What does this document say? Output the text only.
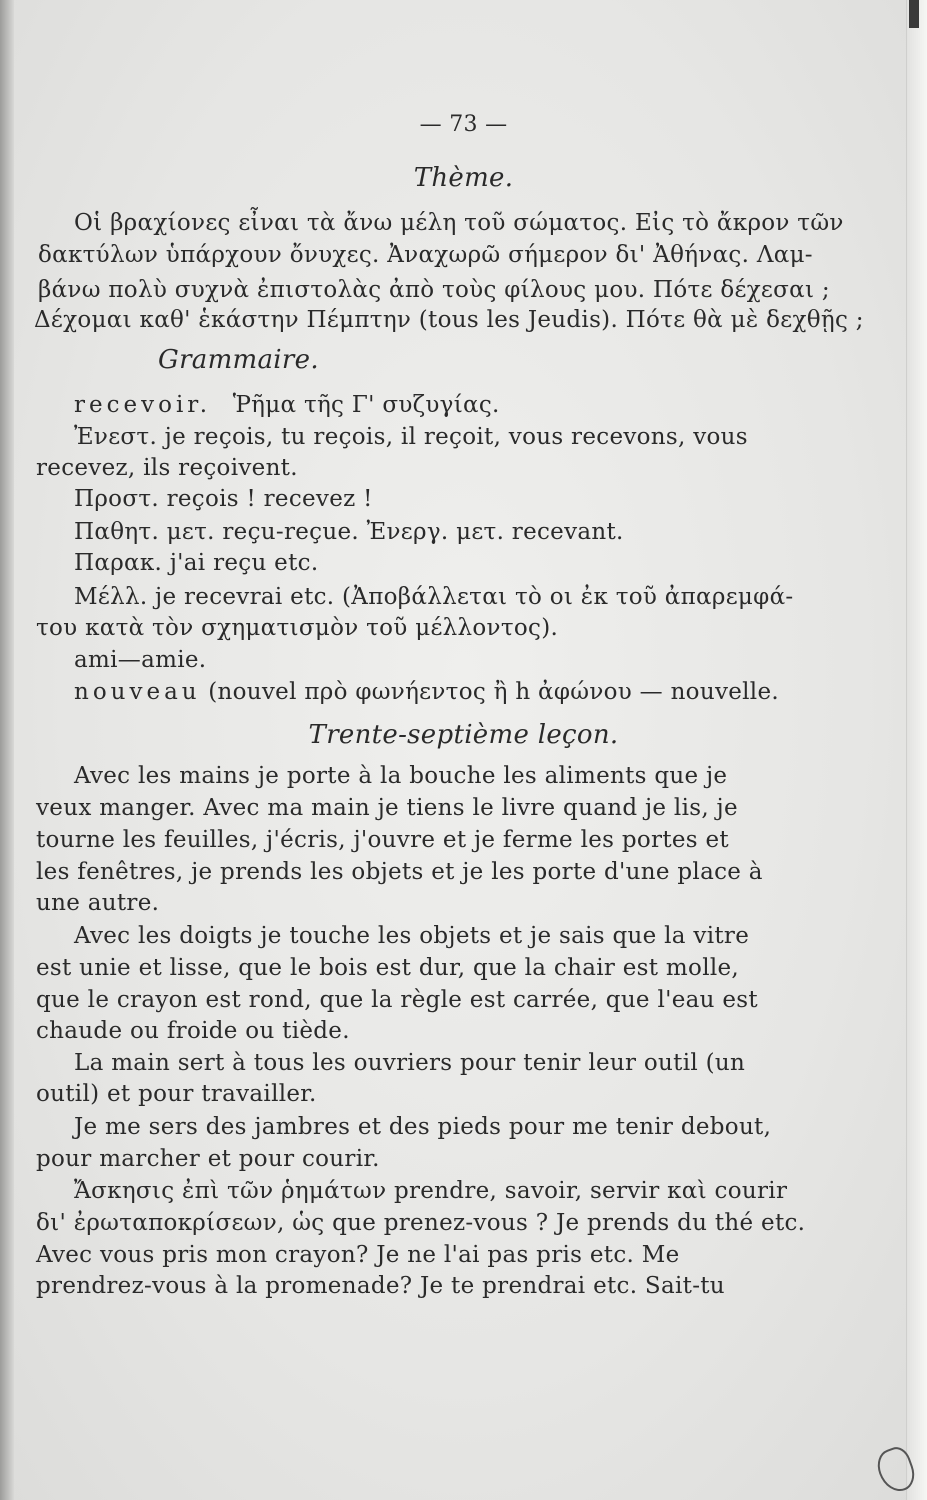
— 73 —
Thème.
Οἱ βραχίονες εἶναι τὰ ἄνω μέλη τοῦ σώματος. Εἰς τὸ ἄκρον τῶν
δακτύλων ὑπάρχουν ὄνυχες. Ἀναχωρῶ σήμερον δι' Ἀθήνας. Λαμ-
βάνω πολὺ συχνὰ ἐπιστολὰς ἀπὸ τοὺς φίλους μου. Πότε δέχεσαι ;
Δέχομαι καθ' ἑκάστην Πέμπτην (tous les Jeudis). Πότε θὰ μὲ δεχθῇς ;
Grammaire.
recevoir. Ῥῆμα τῆς Γ' συζυγίας.
Ἐνεστ. je reçois, tu reçois, il reçoit, vous recevons, vous
recevez, ils reçoivent.
Προστ. reçois ! recevez !
Παθητ. μετ. reçu-reçue. Ἐνεργ. μετ. recevant.
Παρακ. j'ai reçu etc.
Μέλλ. je recevrai etc. (Ἀποβάλλεται τὸ οι ἐκ τοῦ ἀπαρεμφά-
του κατὰ τὸν σχηματισμὸν τοῦ μέλλοντος).
ami—amie.
nouveau (nouvel πρὸ φωνήεντος ἢ h ἀφώνου — nouvelle.
Trente-septième leçon.
Avec les mains je porte à la bouche les aliments que je
veux manger. Avec ma main je tiens le livre quand je lis, je
tourne les feuilles, j'écris, j'ouvre et je ferme les portes et
les fenêtres, je prends les objets et je les porte d'une place à
une autre.
Avec les doigts je touche les objets et je sais que la vitre
est unie et lisse, que le bois est dur, que la chair est molle,
que le crayon est rond, que la règle est carrée, que l'eau est
chaude ou froide ou tiède.
La main sert à tous les ouvriers pour tenir leur outil (un
outil) et pour travailler.
Je me sers des jambres et des pieds pour me tenir debout,
pour marcher et pour courir.
Ἄσκησις ἐπὶ τῶν ῥημάτων prendre, savoir, servir καὶ courir
δι' ἐρωταποκρίσεων, ὡς que prenez-vous ? Je prends du thé etc.
Avec vous pris mon crayon? Je ne l'ai pas pris etc. Me
prendrez-vous à la promenade? Je te prendrai etc. Sait-tu
